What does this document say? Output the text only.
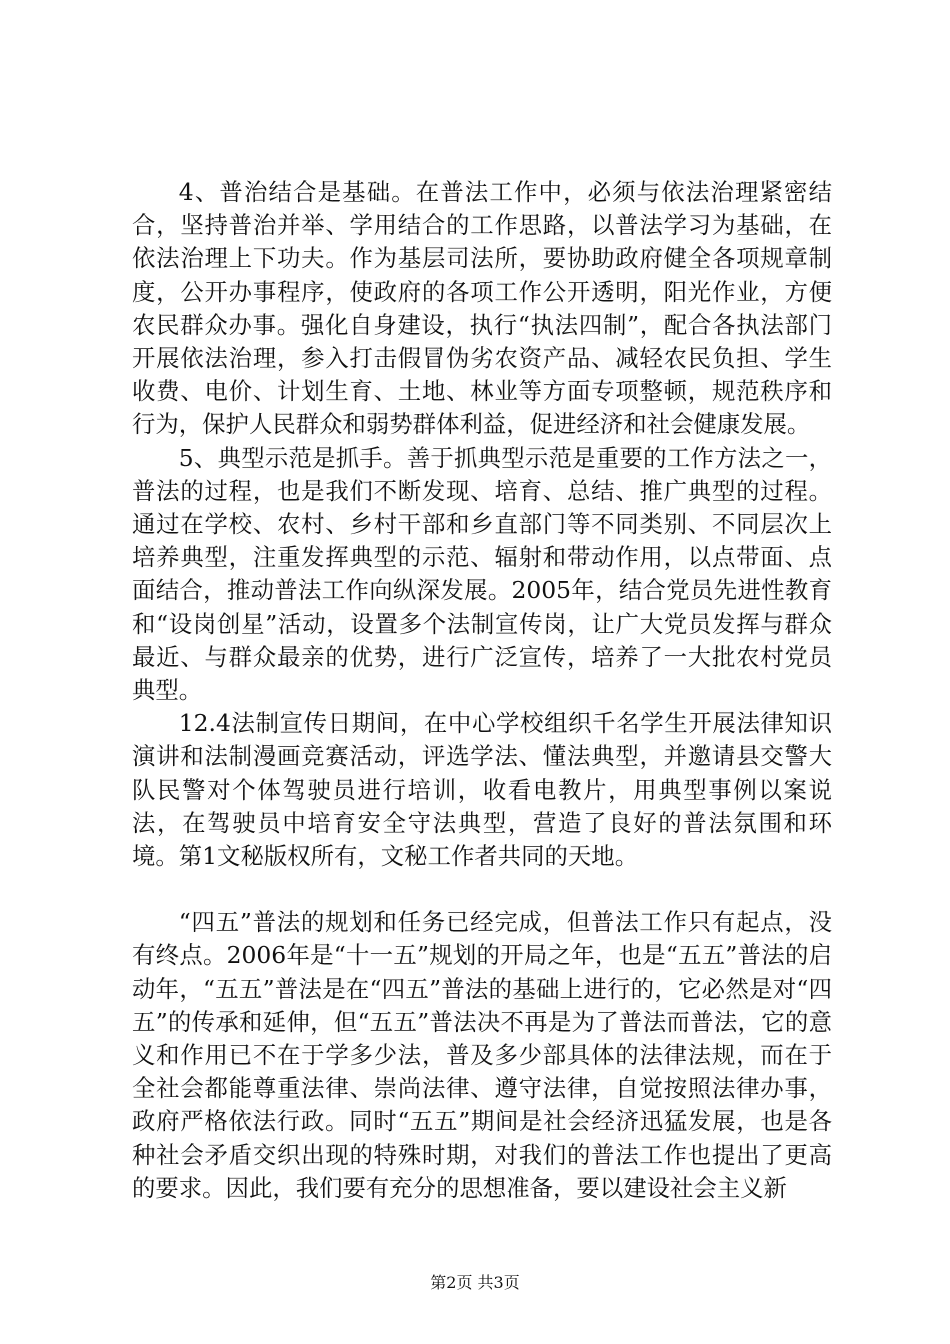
4、普治结合是基础。在普法工作中，必须与依法治理紧密结合，坚持普治并举、学用结合的工作思路，以普法学习为基础，在依法治理上下功夫。作为基层司法所，要协助政府健全各项规章制度，公开办事程序，使政府的各项工作公开透明，阳光作业，方便农民群众办事。强化自身建设，执行“执法四制”，配合各执法部门开展依法治理，参入打击假冒伪劣农资产品、减轻农民负担、学生收费、电价、计划生育、土地、林业等方面专项整顿，规范秩序和行为，保护人民群众和弱势群体利益，促进经济和社会健康发展。

5、典型示范是抓手。善于抓典型示范是重要的工作方法之一，普法的过程，也是我们不断发现、培育、总结、推广典型的过程。通过在学校、农村、乡村干部和乡直部门等不同类别、不同层次上培养典型，注重发挥典型的示范、辐射和带动作用，以点带面、点面结合，推动普法工作向纵深发展。2005年，结合党员先进性教育和“设岗创星”活动，设置多个法制宣传岗，让广大党员发挥与群众最近、与群众最亲的优势，进行广泛宣传，培养了一大批农村党员典型。

12.4法制宣传日期间，在中心学校组织千名学生开展法律知识演讲和法制漫画竞赛活动，评选学法、懂法典型，并邀请县交警大队民警对个体驾驶员进行培训，收看电教片，用典型事例以案说法，在驾驶员中培育安全守法典型，营造了良好的普法氛围和环境。第1文秘版权所有，文秘工作者共同的天地。

“四五”普法的规划和任务已经完成，但普法工作只有起点，没有终点。2006年是“十一五”规划的开局之年，也是“五五”普法的启动年，“五五”普法是在“四五”普法的基础上进行的，它必然是对“四五”的传承和延伸，但“五五”普法决不再是为了普法而普法，它的意义和作用已不在于学多少法，普及多少部具体的法律法规，而在于全社会都能尊重法律、崇尚法律、遵守法律，自觉按照法律办事，政府严格依法行政。同时“五五”期间是社会经济迅猛发展，也是各种社会矛盾交织出现的特殊时期，对我们的普法工作也提出了更高的要求。因此，我们要有充分的思想准备，要以建设社会主义新

第2页 共3页
